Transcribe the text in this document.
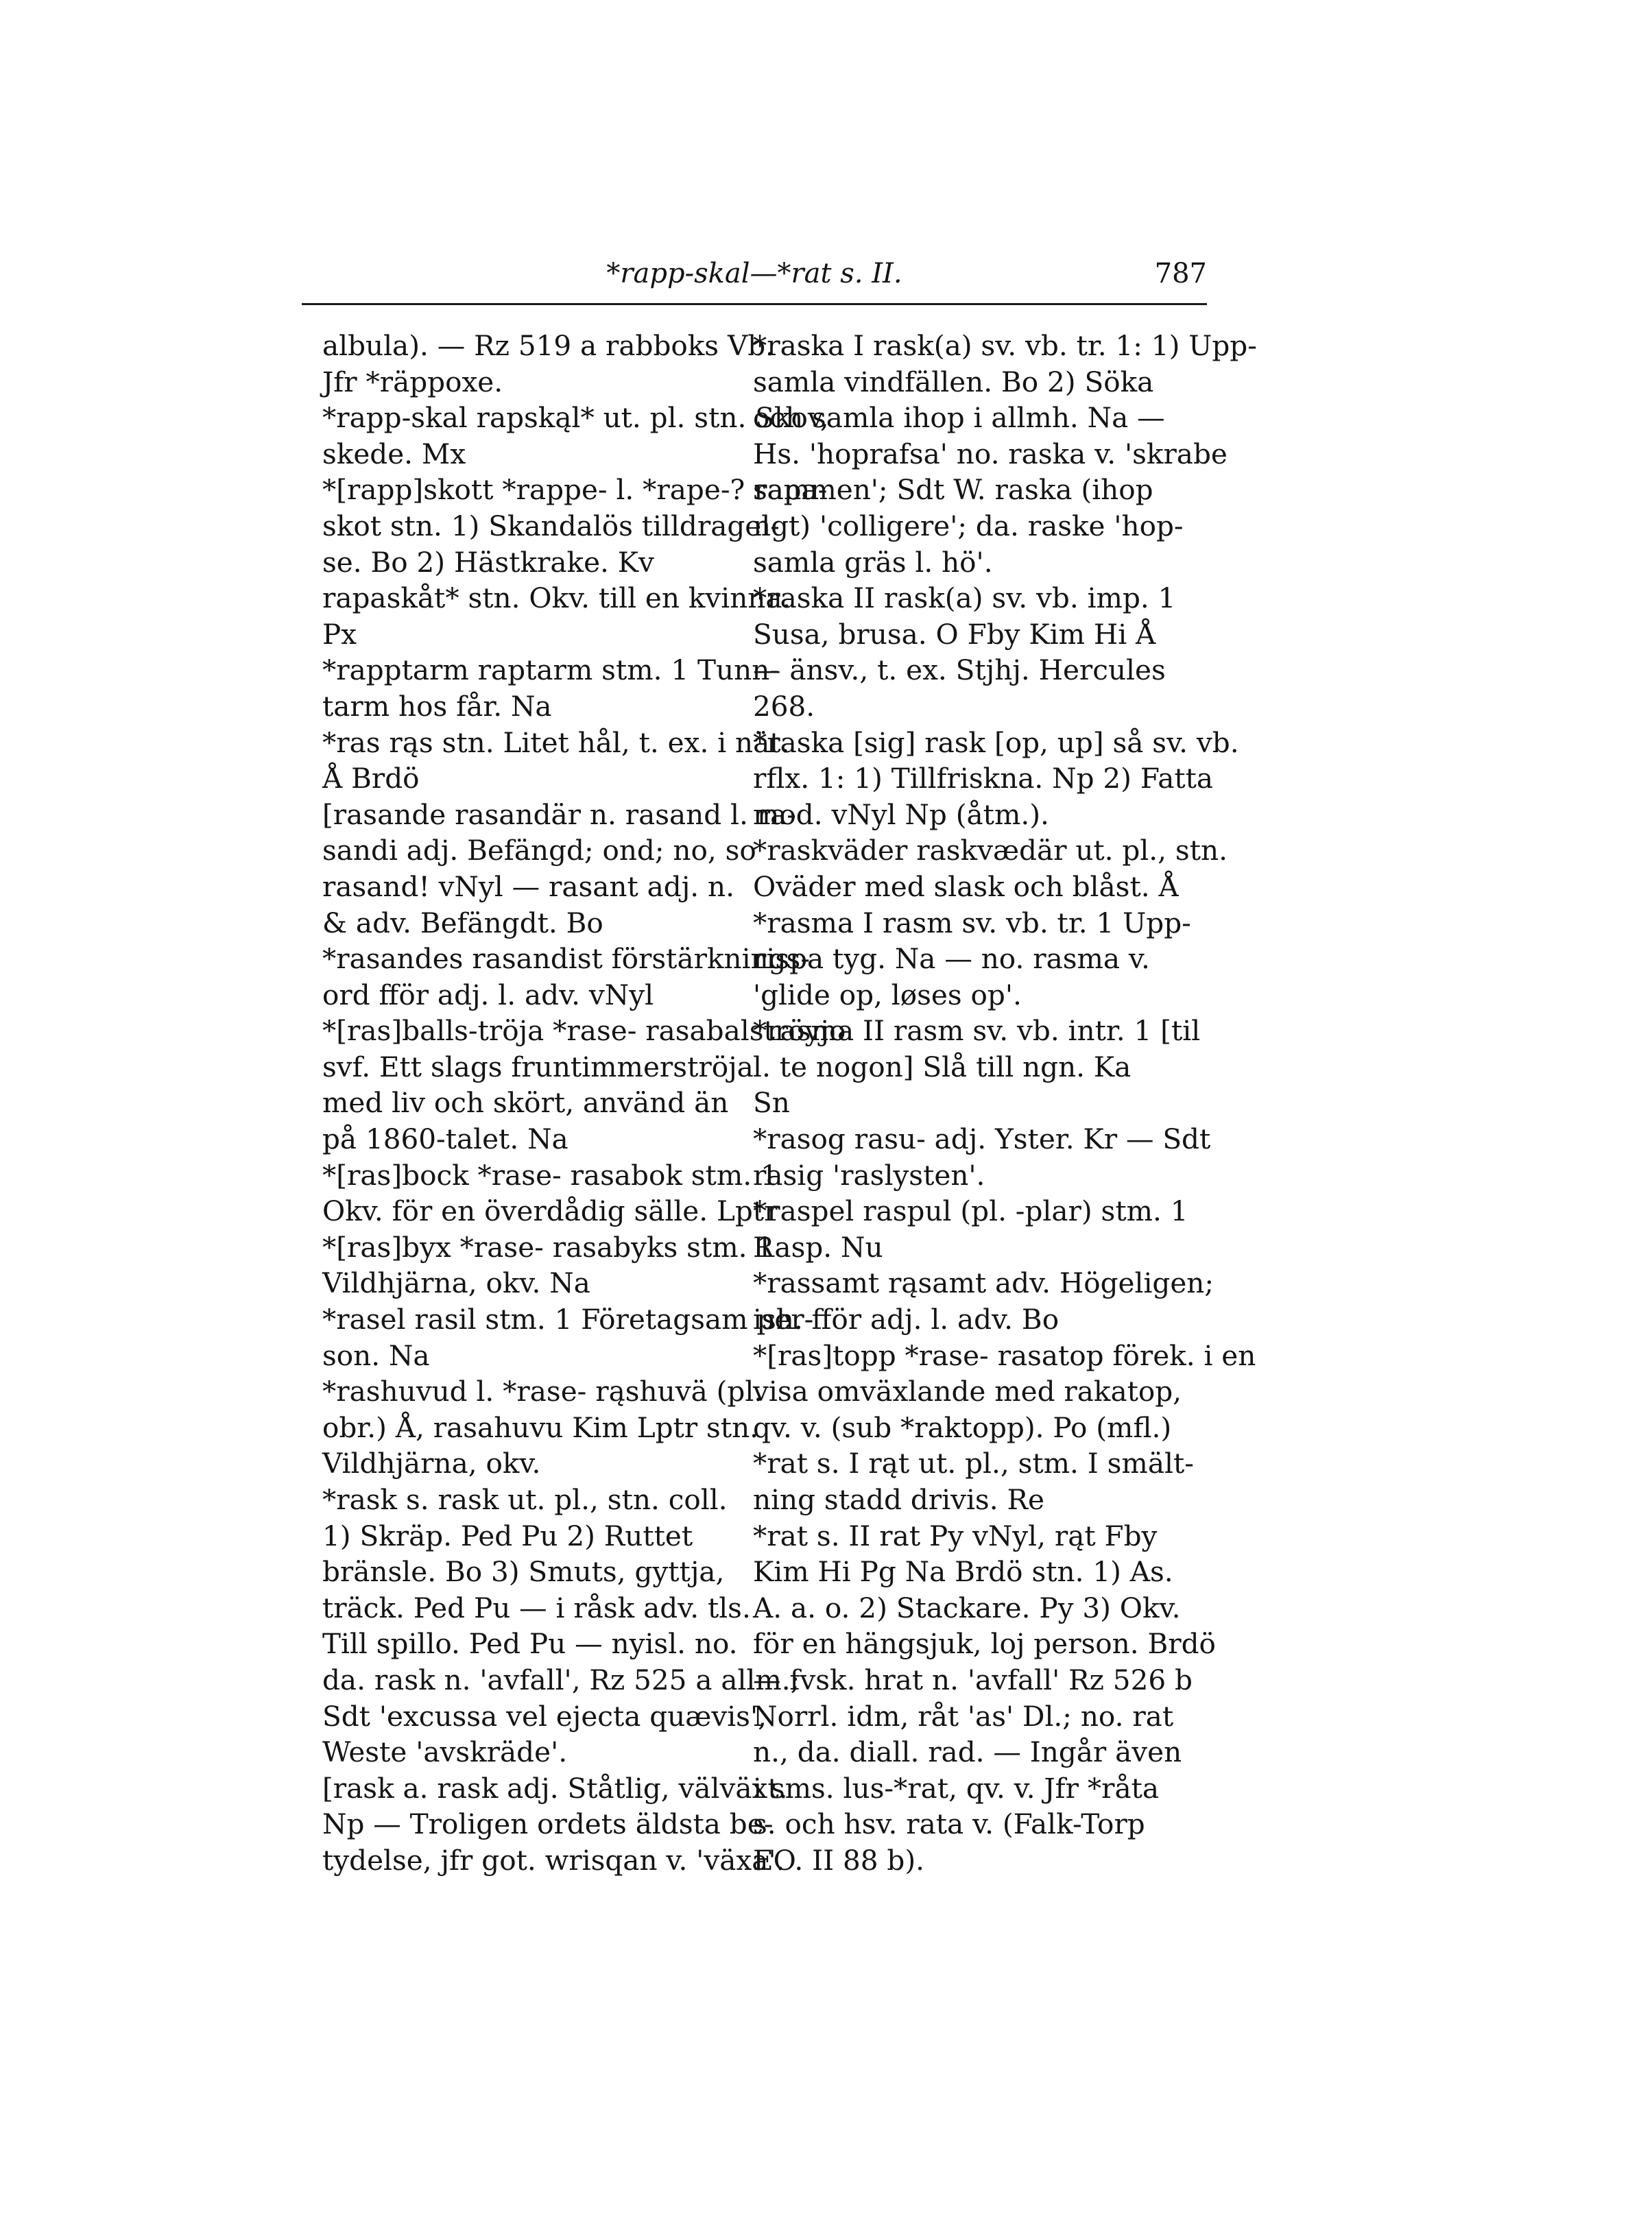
*rapp-skal—*rat s. II.	787
albula). — Rz 519 a rabboks Vb.
Jfr *räppoxe.
*rapp-skal rapskąl* ut. pl. stn. Skov,
skede. Mx
*[rapp]skott *rappe- l. *rape-? rapa-
skot stn. 1) Skandalös tilldragel-
se. Bo 2) Hästkrake. Kv
rapaskåt* stn. Okv. till en kvinna.
Px
*rapptarm raptarm stm. 1 Tunn-
tarm hos får. Na
*ras rąs stn. Litet hål, t. ex. i nät.
Å Brdö
[rasande rasandär n. rasand l. ra-
sandi adj. Befängd; ond; no, so
rasand! vNyl — rasant adj. n.
& adv. Befängdt. Bo
*rasandes rasandist förstärknings-
ord fför adj. l. adv. vNyl
*[ras]balls-tröja *rase- rasabalströyjo
svf. Ett slags fruntimmerströja
med liv och skört, använd än
på 1860-talet. Na
*[ras]bock *rase- rasabok stm. 1
Okv. för en överdådig sälle. Lptr
*[ras]byx *rase- rasabyks stm. 1
Vildhjärna, okv. Na
*rasel rasil stm. 1 Företagsam per-
son. Na
*rashuvud l. *rase- rąshuvä (pl.
obr.) Å, rasahuvu Kim Lptr stn.
Vildhjärna, okv.
*rask s. rask ut. pl., stn. coll.
1) Skräp. Ped Pu 2) Ruttet
bränsle. Bo 3) Smuts, gyttja,
träck. Ped Pu — i råsk adv. tls.
Till spillo. Ped Pu — nyisl. no.
da. rask n. 'avfall', Rz 525 a allm.;
Sdt 'excussa vel ejecta quævis',
Weste 'avskräde'.
[rask a. rask adj. Ståtlig, välväxt.
Np — Troligen ordets äldsta be-
tydelse, jfr got. wrisqan v. 'växa'.
*raska I rask(a) sv. vb. tr. 1: 1) Upp-
samla vindfällen. Bo 2) Söka
och samla ihop i allmh. Na —
Hs. 'hoprafsa' no. raska v. 'skrabe
sammen'; Sdt W. raska (ihop
ngt) 'colligere'; da. raske 'hop-
samla gräs l. hö'.
*raska II rask(a) sv. vb. imp. 1
Susa, brusa. O Fby Kim Hi Å
— änsv., t. ex. Stjhj. Hercules
268.
*raska [sig] rask [op, up] så sv. vb.
rflx. 1: 1) Tillfriskna. Np 2) Fatta
mod. vNyl Np (åtm.).
*raskväder raskvædär ut. pl., stn.
Oväder med slask och blåst. Å
*rasma I rasm sv. vb. tr. 1 Upp-
rispa tyg. Na — no. rasma v.
'glide op, løses op'.
*rasma II rasm sv. vb. intr. 1 [til
l. te nogon] Slå till ngn. Ka
Sn
*rasog rasu- adj. Yster. Kr — Sdt
rasig 'raslysten'.
*raspel raspul (pl. -plar) stm. 1
Rasp. Nu
*rassamt rąsamt adv. Högeligen;
ish. fför adj. l. adv. Bo
*[ras]topp *rase- rasatop förek. i en
visa omväxlande med rakatop,
qv. v. (sub *raktopp). Po (mfl.)
*rat s. I rąt ut. pl., stm. I smält-
ning stadd drivis. Re
*rat s. II rat Py vNyl, rąt Fby
Kim Hi Pg Na Brdö stn. 1) As.
A. a. o. 2) Stackare. Py 3) Okv.
för en hängsjuk, loj person. Brdö
— fvsk. hrat n. 'avfall' Rz 526 b
Norrl. idm, råt 'as' Dl.; no. rat
n., da. diall. rad. — Ingår även
i sms. lus-*rat, qv. v. Jfr *råta
s. och hsv. rata v. (Falk-Torp
EO. II 88 b).
